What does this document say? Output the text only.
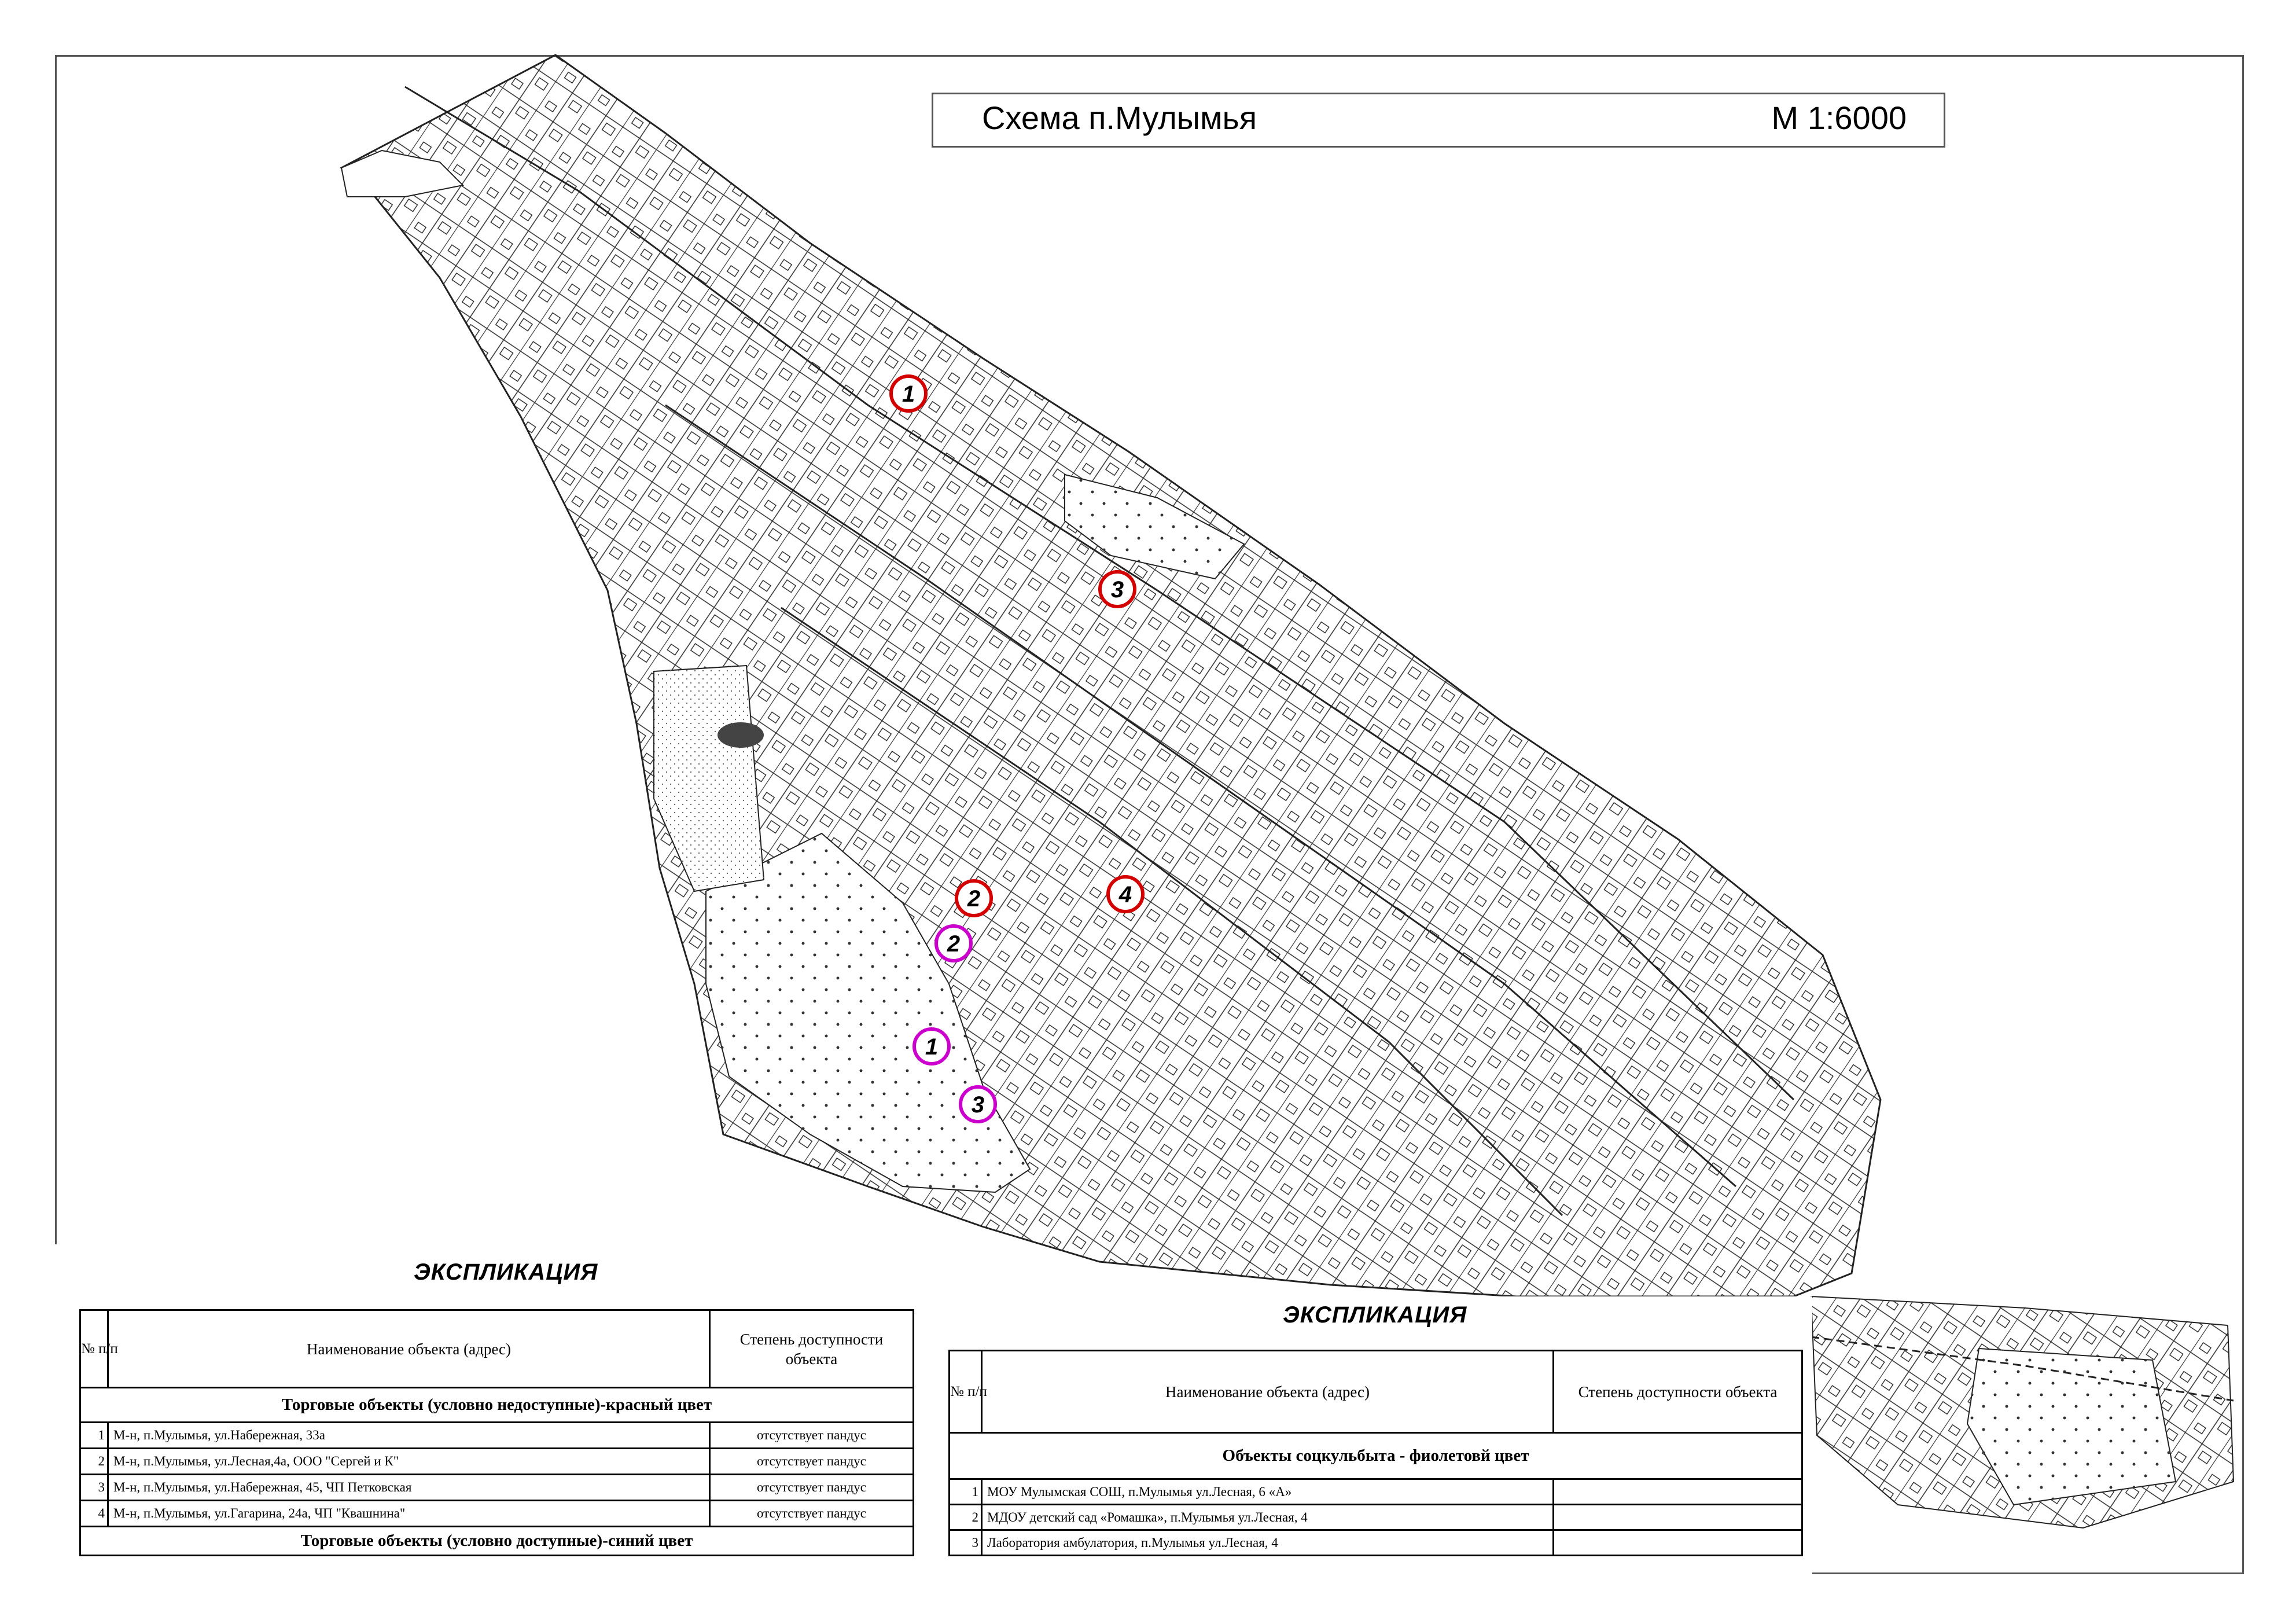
1
2
3
4
1
2
3
Схема п.Мулымья	М 1:6000
ЭКСПЛИКАЦИЯ
№ п/п	Наименование объекта (адрес)	Степень доступности объекта
Торговые объекты (условно недоступные)-красный цвет		
1	М-н, п.Мулымья, ул.Набережная, 33а	отсутствует пандус
2	М-н, п.Мулымья, ул.Лесная,4а, ООО "Сергей и К"	отсутствует пандус
3	М-н, п.Мулымья, ул.Набережная, 45, ЧП Петковская	отсутствует пандус
4	М-н, п.Мулымья, ул.Гагарина, 24а, ЧП "Квашнина"	отсутствует пандус
Торговые объекты (условно доступные)-синий цвет		
ЭКСПЛИКАЦИЯ
№ п/п	Наименование объекта (адрес)	Степень доступности объекта
Объекты соцкульбыта - фиолетовй цвет		
1	МОУ Мулымская СОШ, п.Мулымья ул.Лесная, 6 «А»	
2	МДОУ детский сад «Ромашка», п.Мулымья ул.Лесная, 4	
3	Лаборатория амбулатория, п.Мулымья ул.Лесная, 4	
